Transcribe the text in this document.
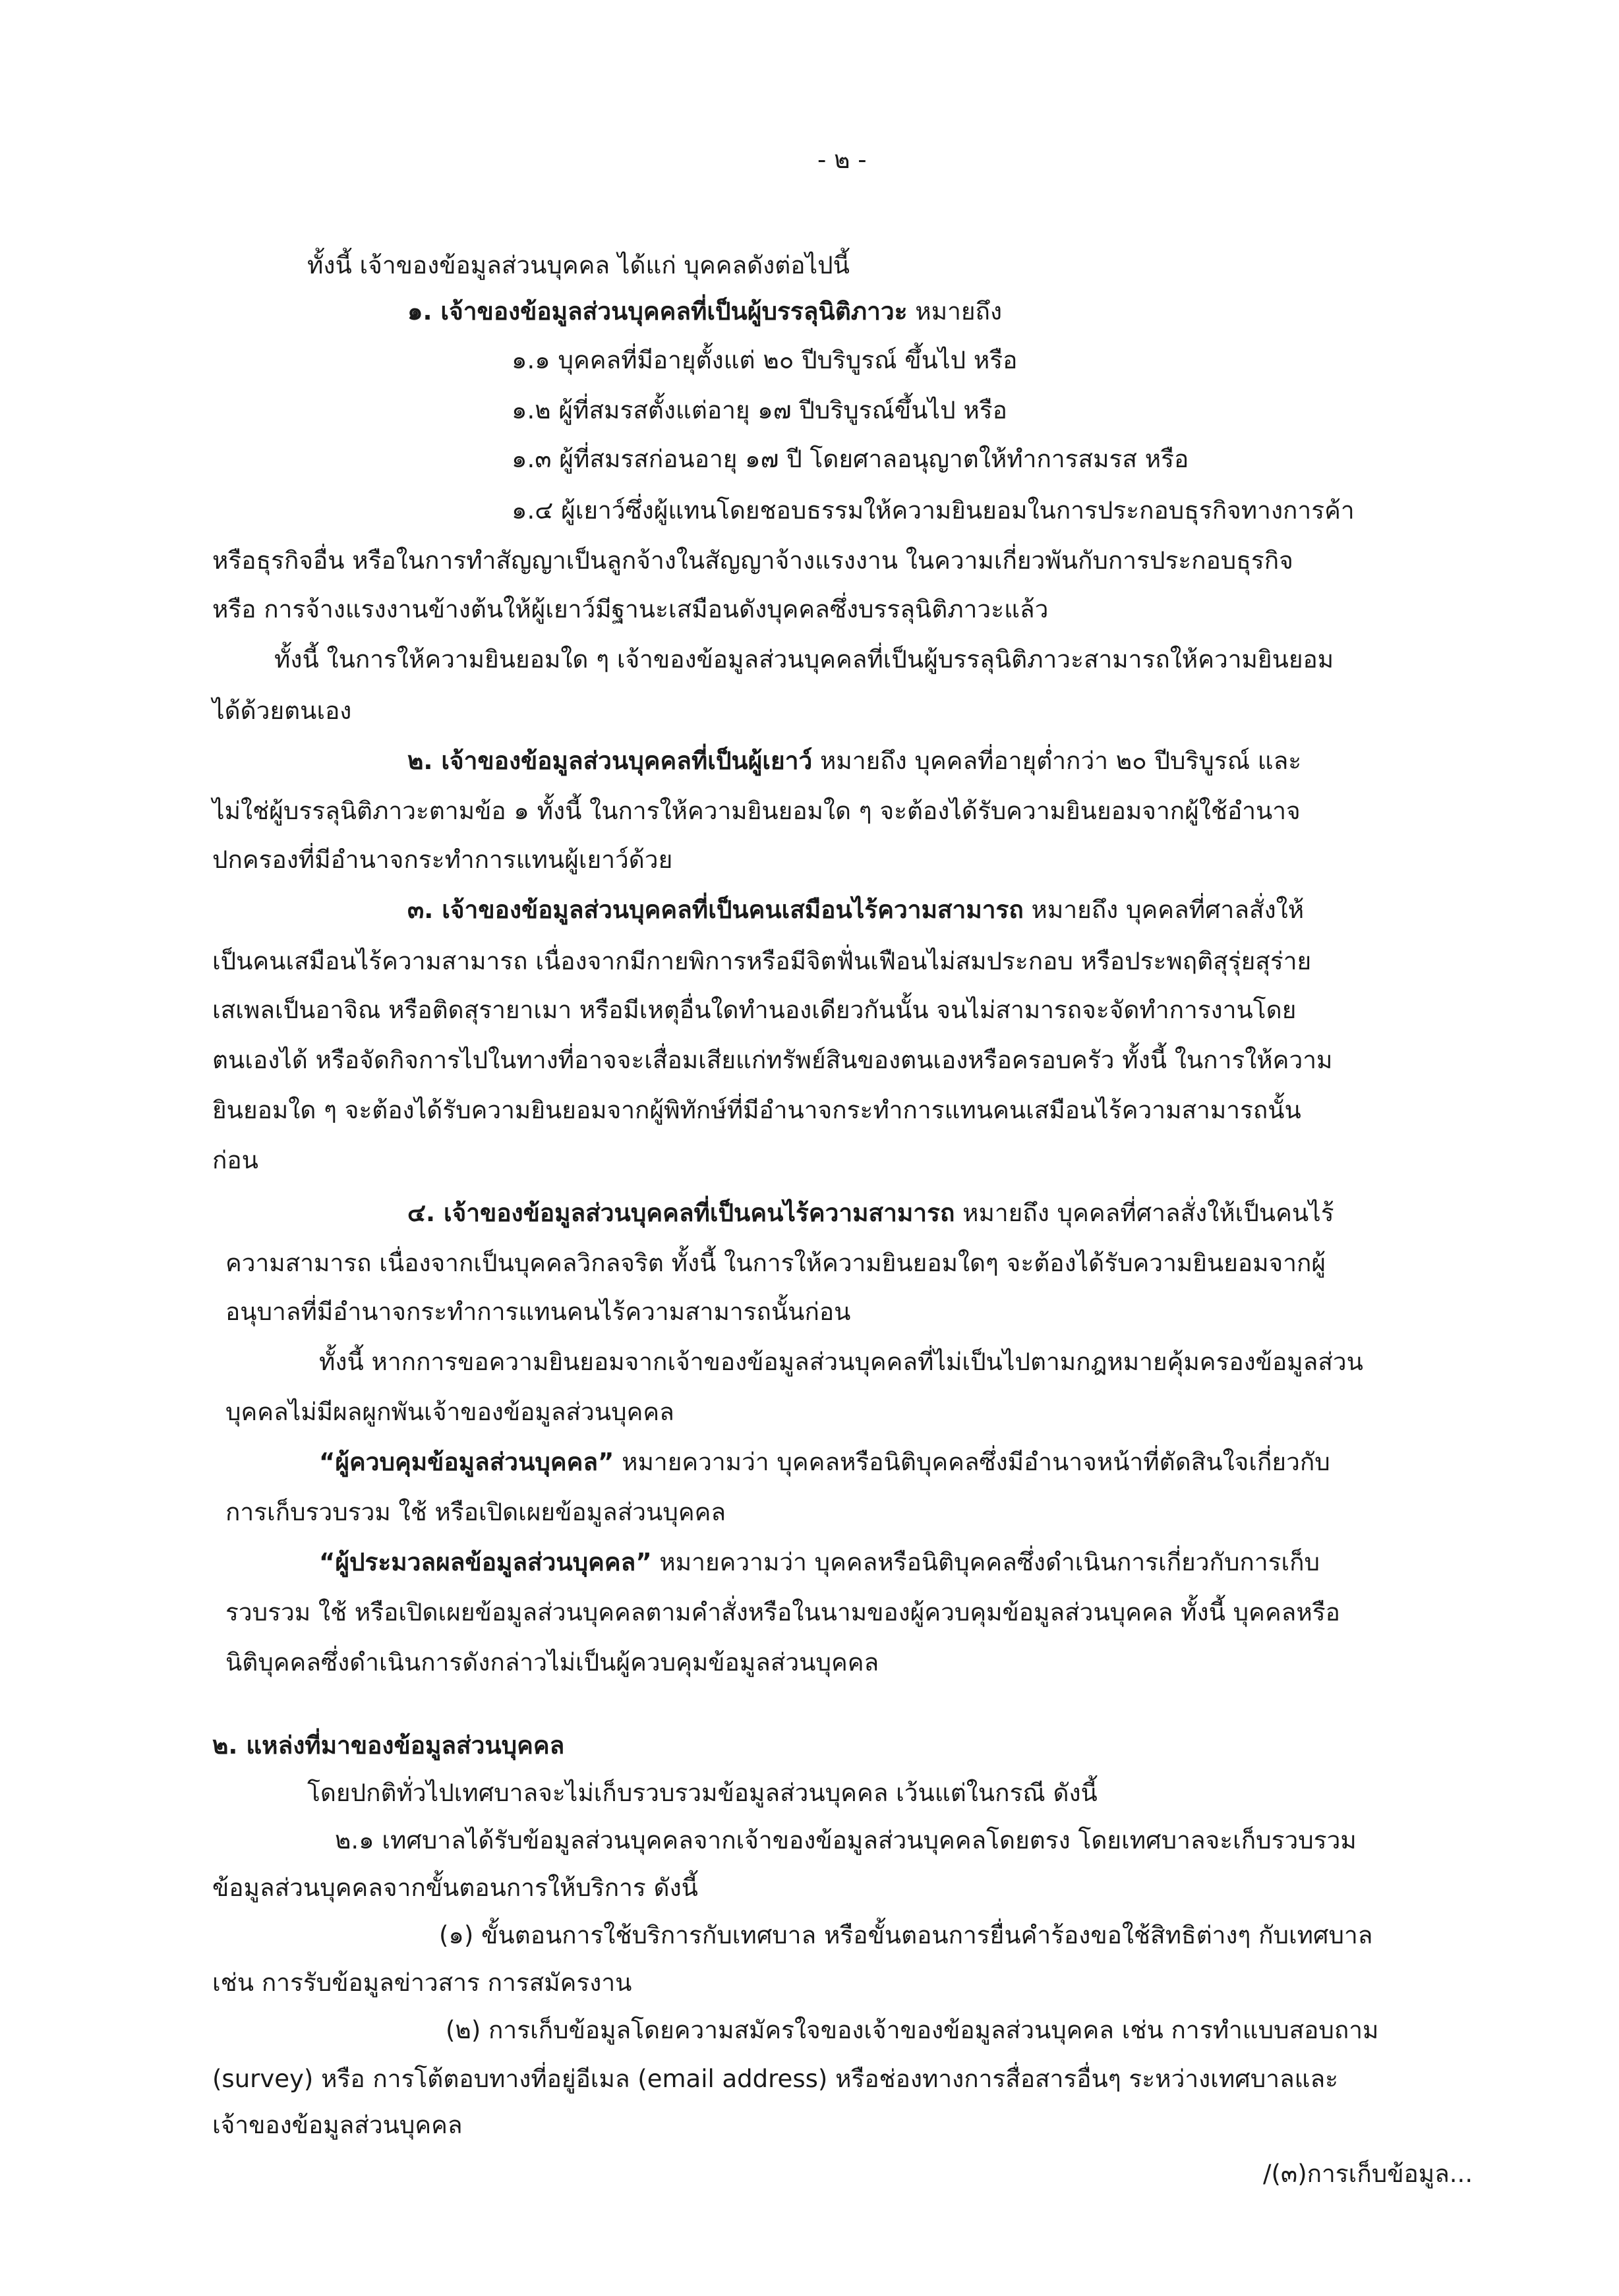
- ๒ -
ทั้งนี้ เจ้าของข้อมูลส่วนบุคคล ได้แก่ บุคคลดังต่อไปนี้
๑. เจ้าของข้อมูลส่วนบุคคลที่เป็นผู้บรรลุนิติภาวะ หมายถึง
๑.๑ บุคคลที่มีอายุตั้งแต่ ๒๐ ปีบริบูรณ์ ขึ้นไป หรือ
๑.๒ ผู้ที่สมรสตั้งแต่อายุ ๑๗ ปีบริบูรณ์ขึ้นไป หรือ
๑.๓ ผู้ที่สมรสก่อนอายุ ๑๗ ปี โดยศาลอนุญาตให้ทำการสมรส หรือ
๑.๔ ผู้เยาว์ซึ่งผู้แทนโดยชอบธรรมให้ความยินยอมในการประกอบธุรกิจทางการค้า
หรือธุรกิจอื่น หรือในการทำสัญญาเป็นลูกจ้างในสัญญาจ้างแรงงาน ในความเกี่ยวพันกับการประกอบธุรกิจ
หรือ การจ้างแรงงานข้างต้นให้ผู้เยาว์มีฐานะเสมือนดังบุคคลซึ่งบรรลุนิติภาวะแล้ว
ทั้งนี้ ในการให้ความยินยอมใด ๆ เจ้าของข้อมูลส่วนบุคคลที่เป็นผู้บรรลุนิติภาวะสามารถให้ความยินยอม
ได้ด้วยตนเอง
๒. เจ้าของข้อมูลส่วนบุคคลที่เป็นผู้เยาว์ หมายถึง บุคคลที่อายุต่ำกว่า ๒๐ ปีบริบูรณ์ และ
ไม่ใช่ผู้บรรลุนิติภาวะตามข้อ ๑ ทั้งนี้ ในการให้ความยินยอมใด ๆ จะต้องได้รับความยินยอมจากผู้ใช้อำนาจ
ปกครองที่มีอำนาจกระทำการแทนผู้เยาว์ด้วย
๓. เจ้าของข้อมูลส่วนบุคคลที่เป็นคนเสมือนไร้ความสามารถ หมายถึง บุคคลที่ศาลสั่งให้
เป็นคนเสมือนไร้ความสามารถ เนื่องจากมีกายพิการหรือมีจิตฟั่นเฟือนไม่สมประกอบ หรือประพฤติสุรุ่ยสุร่าย
เสเพลเป็นอาจิณ หรือติดสุรายาเมา หรือมีเหตุอื่นใดทำนองเดียวกันนั้น จนไม่สามารถจะจัดทำการงานโดย
ตนเองได้ หรือจัดกิจการไปในทางที่อาจจะเสื่อมเสียแก่ทรัพย์สินของตนเองหรือครอบครัว ทั้งนี้ ในการให้ความ
ยินยอมใด ๆ จะต้องได้รับความยินยอมจากผู้พิทักษ์ที่มีอำนาจกระทำการแทนคนเสมือนไร้ความสามารถนั้น
ก่อน
๔. เจ้าของข้อมูลส่วนบุคคลที่เป็นคนไร้ความสามารถ หมายถึง บุคคลที่ศาลสั่งให้เป็นคนไร้
ความสามารถ เนื่องจากเป็นบุคคลวิกลจริต ทั้งนี้ ในการให้ความยินยอมใดๆ จะต้องได้รับความยินยอมจากผู้
อนุบาลที่มีอำนาจกระทำการแทนคนไร้ความสามารถนั้นก่อน
ทั้งนี้ หากการขอความยินยอมจากเจ้าของข้อมูลส่วนบุคคลที่ไม่เป็นไปตามกฎหมายคุ้มครองข้อมูลส่วน
บุคคลไม่มีผลผูกพันเจ้าของข้อมูลส่วนบุคคล
“ผู้ควบคุมข้อมูลส่วนบุคคล” หมายความว่า บุคคลหรือนิติบุคคลซึ่งมีอำนาจหน้าที่ตัดสินใจเกี่ยวกับ
การเก็บรวบรวม ใช้ หรือเปิดเผยข้อมูลส่วนบุคคล
“ผู้ประมวลผลข้อมูลส่วนบุคคล” หมายความว่า บุคคลหรือนิติบุคคลซึ่งดำเนินการเกี่ยวกับการเก็บ
รวบรวม ใช้ หรือเปิดเผยข้อมูลส่วนบุคคลตามคำสั่งหรือในนามของผู้ควบคุมข้อมูลส่วนบุคคล ทั้งนี้ บุคคลหรือ
นิติบุคคลซึ่งดำเนินการดังกล่าวไม่เป็นผู้ควบคุมข้อมูลส่วนบุคคล
๒. แหล่งที่มาของข้อมูลส่วนบุคคล
โดยปกติทั่วไปเทศบาลจะไม่เก็บรวบรวมข้อมูลส่วนบุคคล เว้นแต่ในกรณี ดังนี้
๒.๑ เทศบาลได้รับข้อมูลส่วนบุคคลจากเจ้าของข้อมูลส่วนบุคคลโดยตรง โดยเทศบาลจะเก็บรวบรวม
ข้อมูลส่วนบุคคลจากขั้นตอนการให้บริการ ดังนี้
(๑) ขั้นตอนการใช้บริการกับเทศบาล หรือขั้นตอนการยื่นคำร้องขอใช้สิทธิต่างๆ กับเทศบาล
เช่น การรับข้อมูลข่าวสาร การสมัครงาน
(๒) การเก็บข้อมูลโดยความสมัครใจของเจ้าของข้อมูลส่วนบุคคล เช่น การทำแบบสอบถาม
(survey) หรือ การโต้ตอบทางที่อยู่อีเมล (email address) หรือช่องทางการสื่อสารอื่นๆ ระหว่างเทศบาลและ
เจ้าของข้อมูลส่วนบุคคล
/(๓)การเก็บข้อมูล...
